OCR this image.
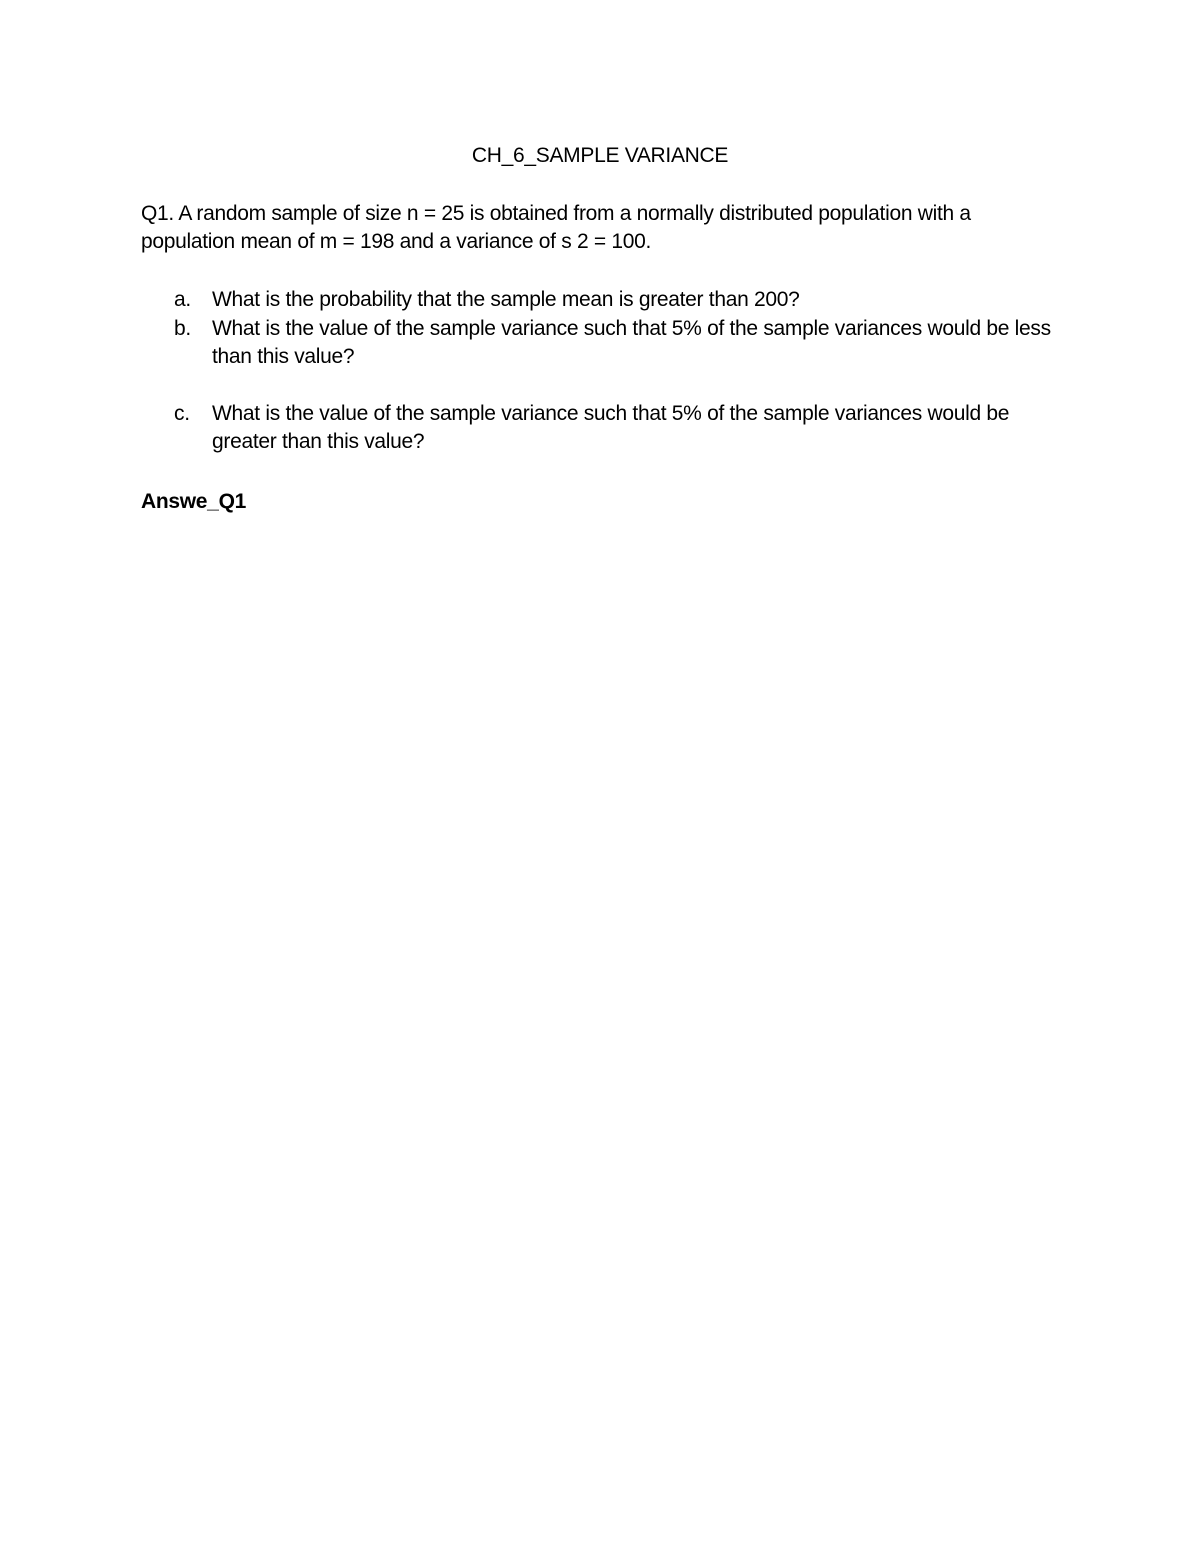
CH_6_SAMPLE VARIANCE

Q1. A random sample of size n = 25 is obtained from a normally distributed population with a population mean of m = 198 and a variance of s 2 = 100.

a. What is the probability that the sample mean is greater than 200?
b. What is the value of the sample variance such that 5% of the sample variances would be less than this value?
c. What is the value of the sample variance such that 5% of the sample variances would be greater than this value?

Answe_Q1
